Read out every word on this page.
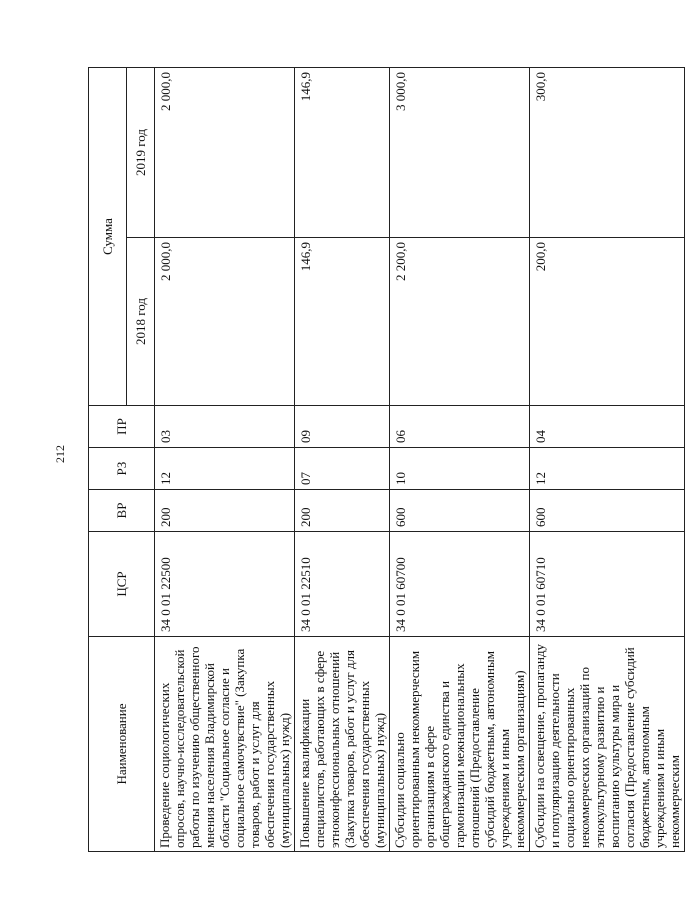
212
Наименование	ЦСР	ВР	РЗ	ПР	Сумма	
					2018 год	2019 год
Проведение социологических опросов, научно-исследовательской работы по изучению общественного мнения населения Владимирской области "Социальное согласие и социальное самочувствие" (Закупка товаров, работ и услуг для обеспечения государственных (муниципальных) нужд)	34 0 01 22500	200	12	03	2 000,0	2 000,0
Повышение квалификации специалистов, работающих в сфере этноконфессиональных отношений (Закупка товаров, работ и услуг для обеспечения государственных (муниципальных) нужд)	34 0 01 22510	200	07	09	146,9	146,9
Субсидии социально ориентированным некоммерческим организациям в сфере общегражданского единства и гармонизации межнациональных отношений (Предоставление субсидий бюджетным, автономным учреждениям и иным некоммерческим организациям)	34 0 01 60700	600	10	06	2 200,0	3 000,0
Субсидии на освещение, пропаганду и популяризацию деятельности социально ориентированных некоммерческих организаций по этнокультурному развитию и воспитанию культуры мира и согласия (Предоставление субсидий бюджетным, автономным учреждениям и иным некоммерческим	34 0 01 60710	600	12	04	200,0	300,0
